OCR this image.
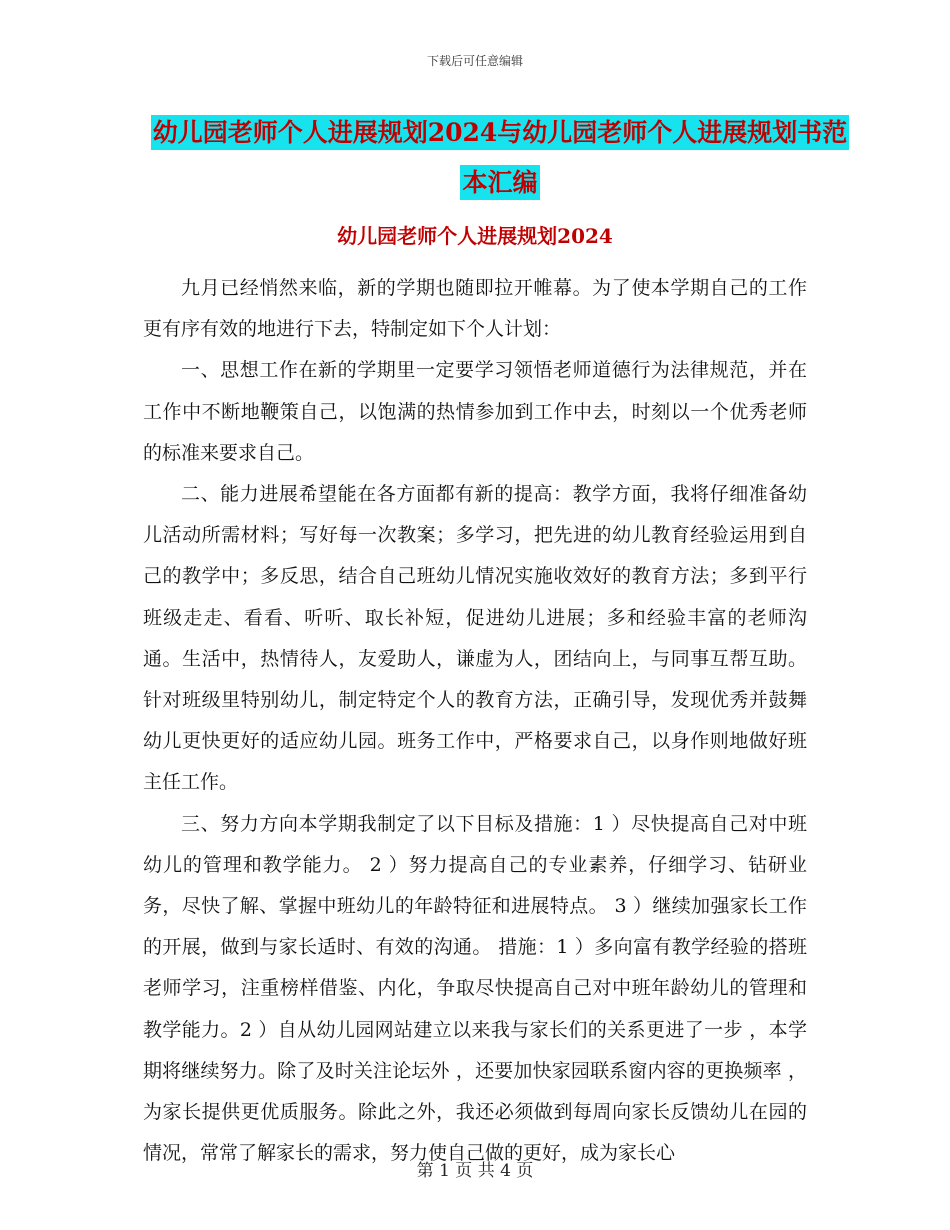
下载后可任意编辑
幼儿园老师个人进展规划2024与幼儿园老师个人进展规划书范本汇编
幼儿园老师个人进展规划2024

九月已经悄然来临，新的学期也随即拉开帷幕。为了使本学期自己的工作更有序有效的地进行下去，特制定如下个人计划：

一、思想工作在新的学期里一定要学习领悟老师道德行为法律规范，并在工作中不断地鞭策自己，以饱满的热情参加到工作中去，时刻以一个优秀老师的标准来要求自己。

二、能力进展希望能在各方面都有新的提高：教学方面，我将仔细准备幼儿活动所需材料；写好每一次教案；多学习，把先进的幼儿教育经验运用到自己的教学中；多反思，结合自己班幼儿情况实施收效好的教育方法；多到平行班级走走、看看、听听、取长补短，促进幼儿进展；多和经验丰富的老师沟通。生活中，热情待人，友爱助人，谦虚为人，团结向上，与同事互帮互助。针对班级里特别幼儿，制定特定个人的教育方法，正确引导，发现优秀并鼓舞幼儿更快更好的适应幼儿园。班务工作中，严格要求自己，以身作则地做好班主任工作。

三、努力方向本学期我制定了以下目标及措施：1 ）尽快提高自己对中班幼儿的管理和教学能力。 2 ）努力提高自己的专业素养，仔细学习、钻研业务，尽快了解、掌握中班幼儿的年龄特征和进展特点。 3 ）继续加强家长工作的开展，做到与家长适时、有效的沟通。 措施：1 ）多向富有教学经验的搭班老师学习，注重榜样借鉴、内化，争取尽快提高自己对中班年龄幼儿的管理和教学能力。2 ）自从幼儿园网站建立以来我与家长们的关系更进了一步 ，本学期将继续努力。除了及时关注论坛外 ，还要加快家园联系窗内容的更换频率 ，为家长提供更优质服务。除此之外，我还必须做到每周向家长反馈幼儿在园的情况，常常了解家长的需求，努力使自己做的更好，成为家长心

第 1 页 共 4 页
